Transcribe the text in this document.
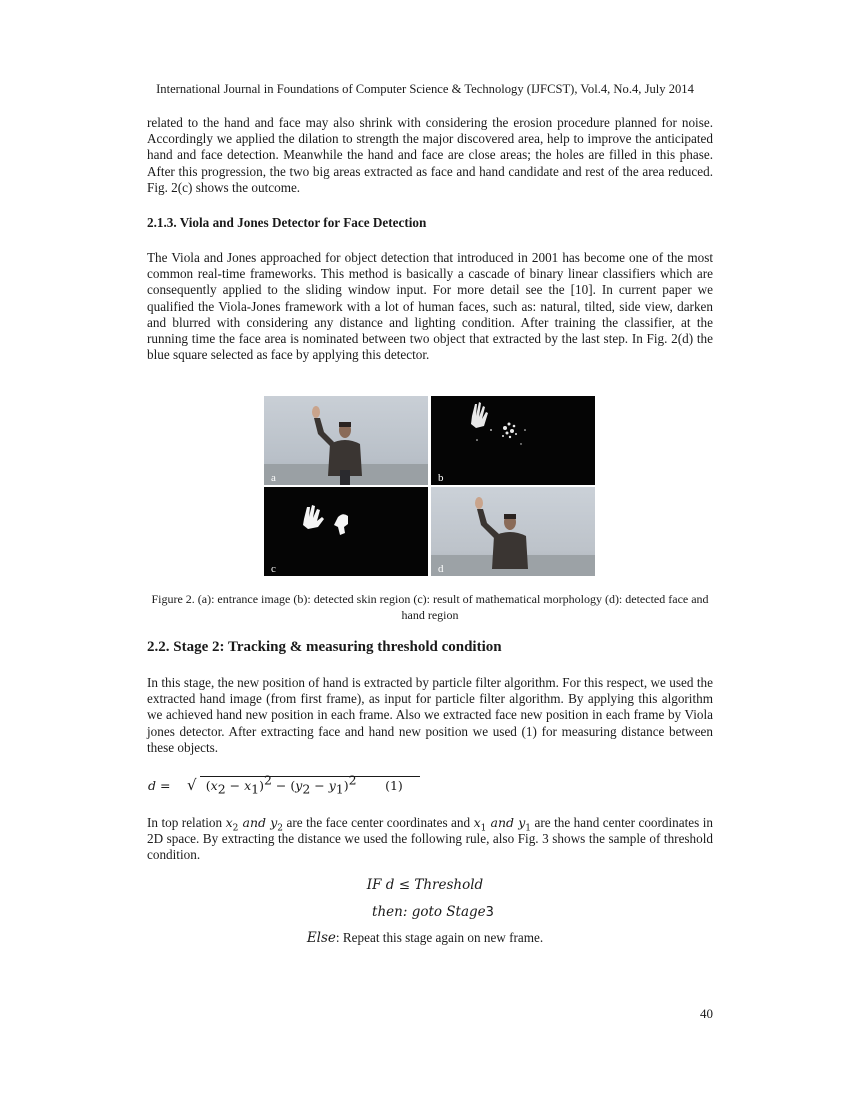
International Journal in Foundations of Computer Science & Technology (IJFCST), Vol.4, No.4, July 2014

related to the hand and face may also shrink with considering the erosion procedure planned for noise. Accordingly we applied the dilation to strength the major discovered area, help to improve the anticipated hand and face detection. Meanwhile the hand and face are close areas; the holes are filled in this phase. After this progression, the two big areas extracted as face and hand candidate and rest of the area reduced. Fig. 2(c) shows the outcome.

2.1.3. Viola and Jones Detector for Face Detection

The Viola and Jones approached for object detection that introduced in 2001 has become one of the most common real-time frameworks. This method is basically a cascade of binary linear classifiers which are consequently applied to the sliding window input. For more detail see the [10]. In current paper we qualified the Viola-Jones framework with a lot of human faces, such as: natural, tilted, side view, darken and blurred with considering any distance and lighting condition. After training the classifier, at the running time the face area is nominated between two object that extracted by the last step. In Fig. 2(d) the blue square selected as face by applying this detector.

a	b
c	d
Figure 2. (a): entrance image (b): detected skin region (c): result of mathematical morphology (d): detected face and hand region
2.2. Stage 2: Tracking & measuring threshold condition

In this stage, the new position of hand is extracted by particle filter algorithm. For this respect, we used the extracted hand image (from first frame), as input for particle filter algorithm. By applying this algorithm we achieved hand new position in each frame. Also we extracted face new position in each frame by Viola jones detector. After extracting face and hand new position we used (1) for measuring distance between these objects.

d = √ $(x_2 - x_1)^2 - (y_2 - y_1)^2$ (1)

In top relation $x_2$ and $y_2$ are the face center coordinates and $x_1$ and $y_1$ are the hand center coordinates in 2D space. By extracting the distance we used the following rule, also Fig. 3 shows the sample of threshold condition.

IF d ≤ Threshold
then: goto Stage3
Else: Repeat this stage again on new frame.
40
